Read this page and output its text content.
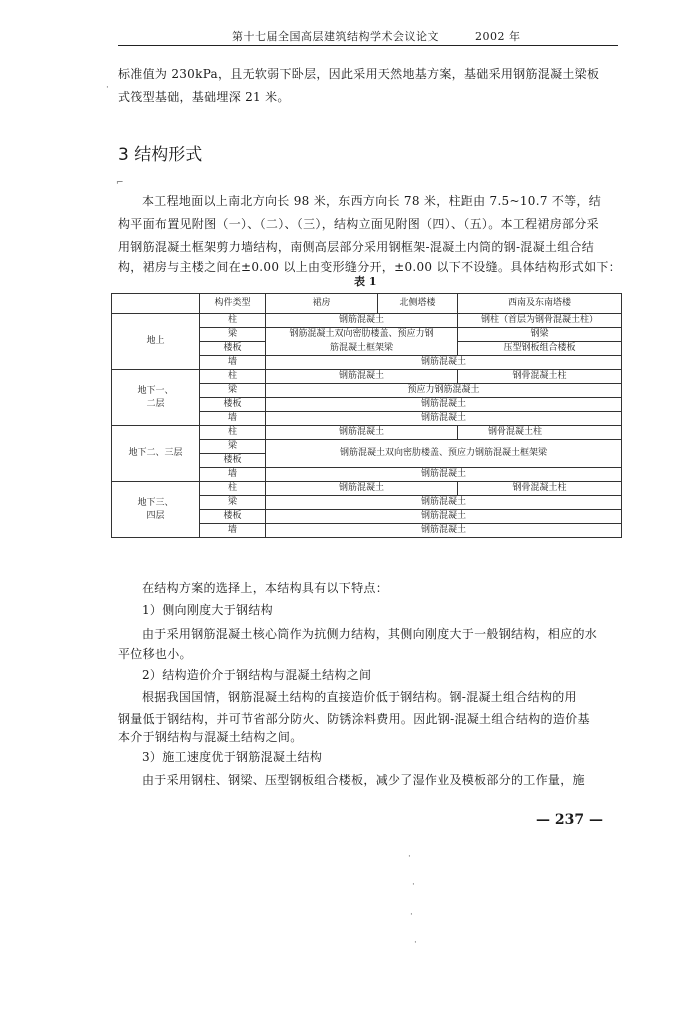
第十七届全国高层建筑结构学术会议论文	2002 年
标准值为 230kPa，且无软弱下卧层，因此采用天然地基方案，基础采用钢筋混凝土梁板
式筏型基础，基础埋深 21 米。
·
3 结构形式
⌐
本工程地面以上南北方向长 98 米，东西方向长 78 米，柱距由 7.5~10.7 不等，结
构平面布置见附图（一）、（二）、（三），结构立面见附图（四）、（五）。本工程裙房部分采
用钢筋混凝土框架剪力墙结构，南侧高层部分采用钢框架-混凝土内筒的钢-混凝土组合结
构，裙房与主楼之间在±0.00 以上由变形缝分开，±0.00 以下不设缝。具体结构形式如下：
表 1
	构件类型	裙房	北侧塔楼	西南及东南塔楼
地上	柱	钢筋混凝土		钢柱（首层为钢骨混凝土柱）
	梁	钢筋混凝土双向密肋楼盖、预应力钢		钢梁
	楼板	筋混凝土框架梁		压型钢板组合楼板
	墙	钢筋混凝土		
地下一、
二层	柱	钢筋混凝土		钢骨混凝土柱
	梁	预应力钢筋混凝土		
	楼板	钢筋混凝土		
	墙	钢筋混凝土		
地下二、三层	柱	钢筋混凝土		钢骨混凝土柱
	梁	钢筋混凝土双向密肋楼盖、预应力钢筋混凝土框架梁		
	楼板			
	墙	钢筋混凝土		
地下三、
四层	柱	钢筋混凝土		钢骨混凝土柱
	梁	钢筋混凝土		
	楼板	钢筋混凝土		
	墙	钢筋混凝土		
在结构方案的选择上，本结构具有以下特点：
1）侧向刚度大于钢结构
由于采用钢筋混凝土核心筒作为抗侧力结构，其侧向刚度大于一般钢结构，相应的水
平位移也小。
2）结构造价介于钢结构与混凝土结构之间
根据我国国情，钢筋混凝土结构的直接造价低于钢结构。钢-混凝土组合结构的用
钢量低于钢结构，并可节省部分防火、防锈涂料费用。因此钢-混凝土组合结构的造价基
本介于钢结构与混凝土结构之间。
3）施工速度优于钢筋混凝土结构
由于采用钢柱、钢梁、压型钢板组合楼板，减少了湿作业及模板部分的工作量，施
— 237 —
·
·
·
·
